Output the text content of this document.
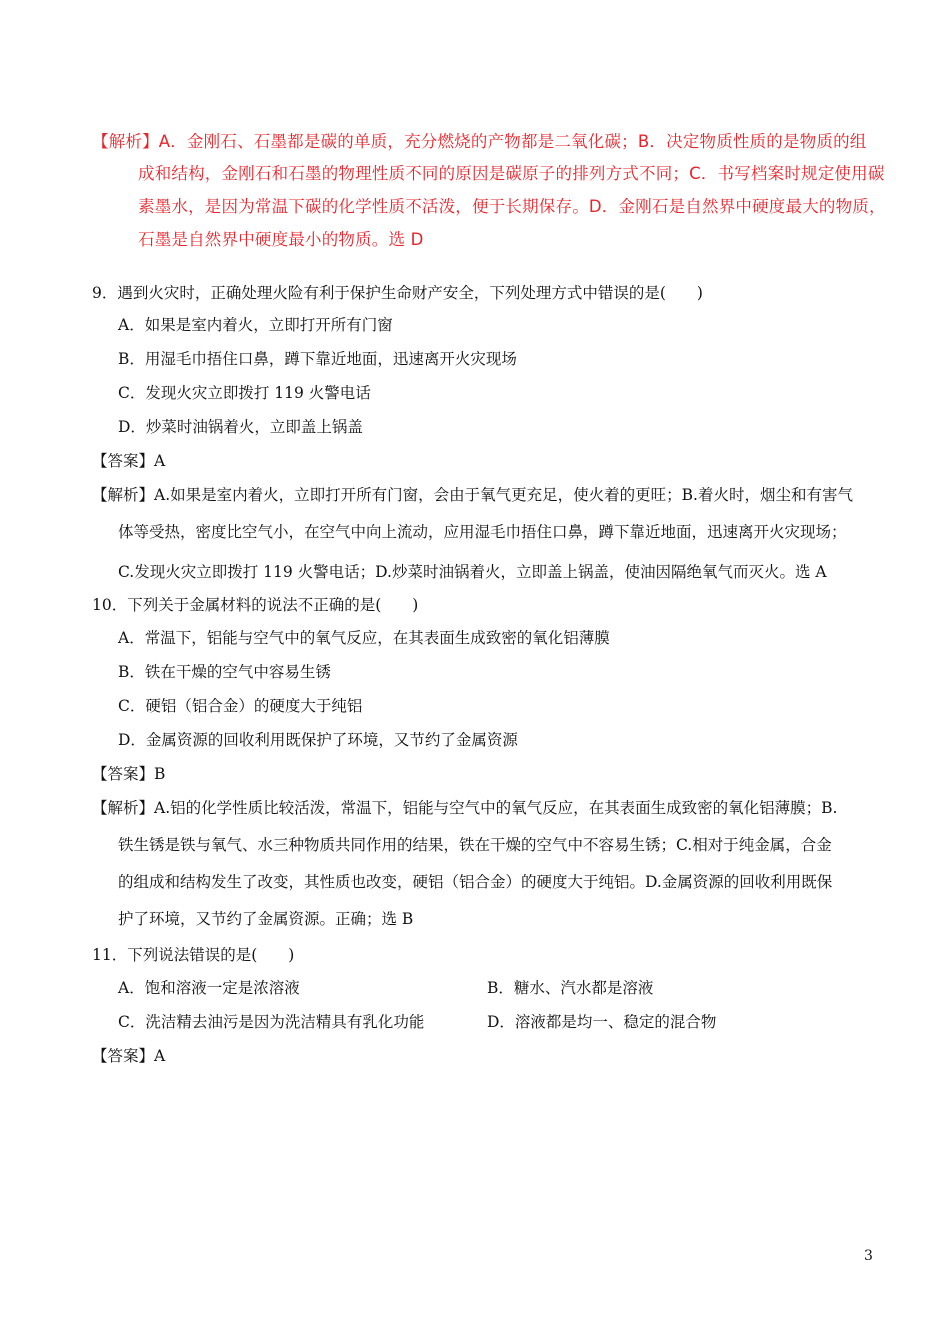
【解析】A．金刚石、石墨都是碳的单质，充分燃烧的产物都是二氧化碳；B．决定物质性质的是物质的组
成和结构，金刚石和石墨的物理性质不同的原因是碳原子的排列方式不同；C．书写档案时规定使用碳
素墨水，是因为常温下碳的化学性质不活泼，便于长期保存。D．金刚石是自然界中硬度最大的物质，
石墨是自然界中硬度最小的物质。选 D
9．遇到火灾时，正确处理火险有利于保护生命财产安全，下列处理方式中错误的是(　　)
A．如果是室内着火，立即打开所有门窗
B．用湿毛巾捂住口鼻，蹲下靠近地面，迅速离开火灾现场
C．发现火灾立即拨打 119 火警电话
D．炒菜时油锅着火，立即盖上锅盖
【答案】A
【解析】A.如果是室内着火，立即打开所有门窗，会由于氧气更充足，使火着的更旺；B.着火时，烟尘和有害气
体等受热，密度比空气小，在空气中向上流动，应用湿毛巾捂住口鼻，蹲下靠近地面，迅速离开火灾现场；
C.发现火灾立即拨打 119 火警电话；D.炒菜时油锅着火，立即盖上锅盖，使油因隔绝氧气而灭火。选 A
10．下列关于金属材料的说法不正确的是(　　)
A．常温下，铝能与空气中的氧气反应，在其表面生成致密的氧化铝薄膜
B．铁在干燥的空气中容易生锈
C．硬铝（铝合金）的硬度大于纯铝
D．金属资源的回收利用既保护了环境，又节约了金属资源
【答案】B
【解析】A.铝的化学性质比较活泼，常温下，铝能与空气中的氧气反应，在其表面生成致密的氧化铝薄膜；B.
铁生锈是铁与氧气、水三种物质共同作用的结果，铁在干燥的空气中不容易生锈；C.相对于纯金属，合金
的组成和结构发生了改变，其性质也改变，硬铝（铝合金）的硬度大于纯铝。D.金属资源的回收利用既保
护了环境，又节约了金属资源。正确；选 B
11．下列说法错误的是(　　)
A．饱和溶液一定是浓溶液	B．糖水、汽水都是溶液
C．洗洁精去油污是因为洗洁精具有乳化功能	D．溶液都是均一、稳定的混合物
【答案】A
3
